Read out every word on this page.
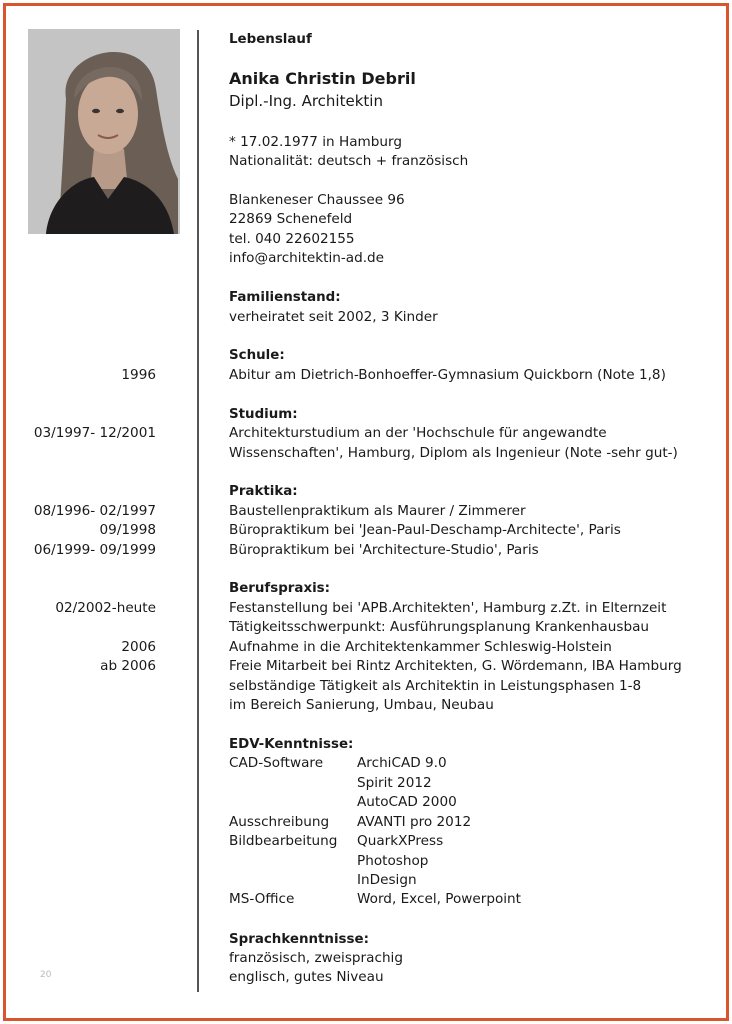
Lebenslauf
Anika Christin Debril
Dipl.-Ing. Architektin
* 17.02.1977 in Hamburg
Nationalität: deutsch + französisch
Blankeneser Chaussee 96
22869 Schenefeld
tel. 040 22602155
info@architektin-ad.de
Familienstand:
verheiratet seit 2002, 3 Kinder
Schule:
1996	Abitur am Dietrich-Bonhoeffer-Gymnasium Quickborn (Note 1,8)
Studium:
03/1997- 12/2001	Architekturstudium an der 'Hochschule für angewandte
Wissenschaften', Hamburg, Diplom als Ingenieur (Note -sehr gut-)
Praktika:
08/1996- 02/1997	Baustellenpraktikum als Maurer / Zimmerer
09/1998	Büropraktikum bei 'Jean-Paul-Deschamp-Architecte', Paris
06/1999- 09/1999	Büropraktikum bei 'Architecture-Studio', Paris
Berufspraxis:
02/2002-heute	Festanstellung bei 'APB.Architekten', Hamburg z.Zt. in Elternzeit
Tätigkeitsschwerpunkt: Ausführungsplanung Krankenhausbau
2006	Aufnahme in die Architektenkammer Schleswig-Holstein
ab 2006	Freie Mitarbeit bei Rintz Architekten, G. Wördemann, IBA Hamburg
selbständige Tätigkeit als Architektin in Leistungsphasen 1-8
im Bereich Sanierung, Umbau, Neubau
EDV-Kenntnisse:
CAD-Software ArchiCAD 9.0
Spirit 2012
AutoCAD 2000
Ausschreibung AVANTI pro 2012
Bildbearbeitung QuarkXPress
Photoshop
InDesign
MS-Office	Word, Excel, Powerpoint
Sprachkenntnisse:
französisch, zweisprachig
englisch, gutes Niveau
20
